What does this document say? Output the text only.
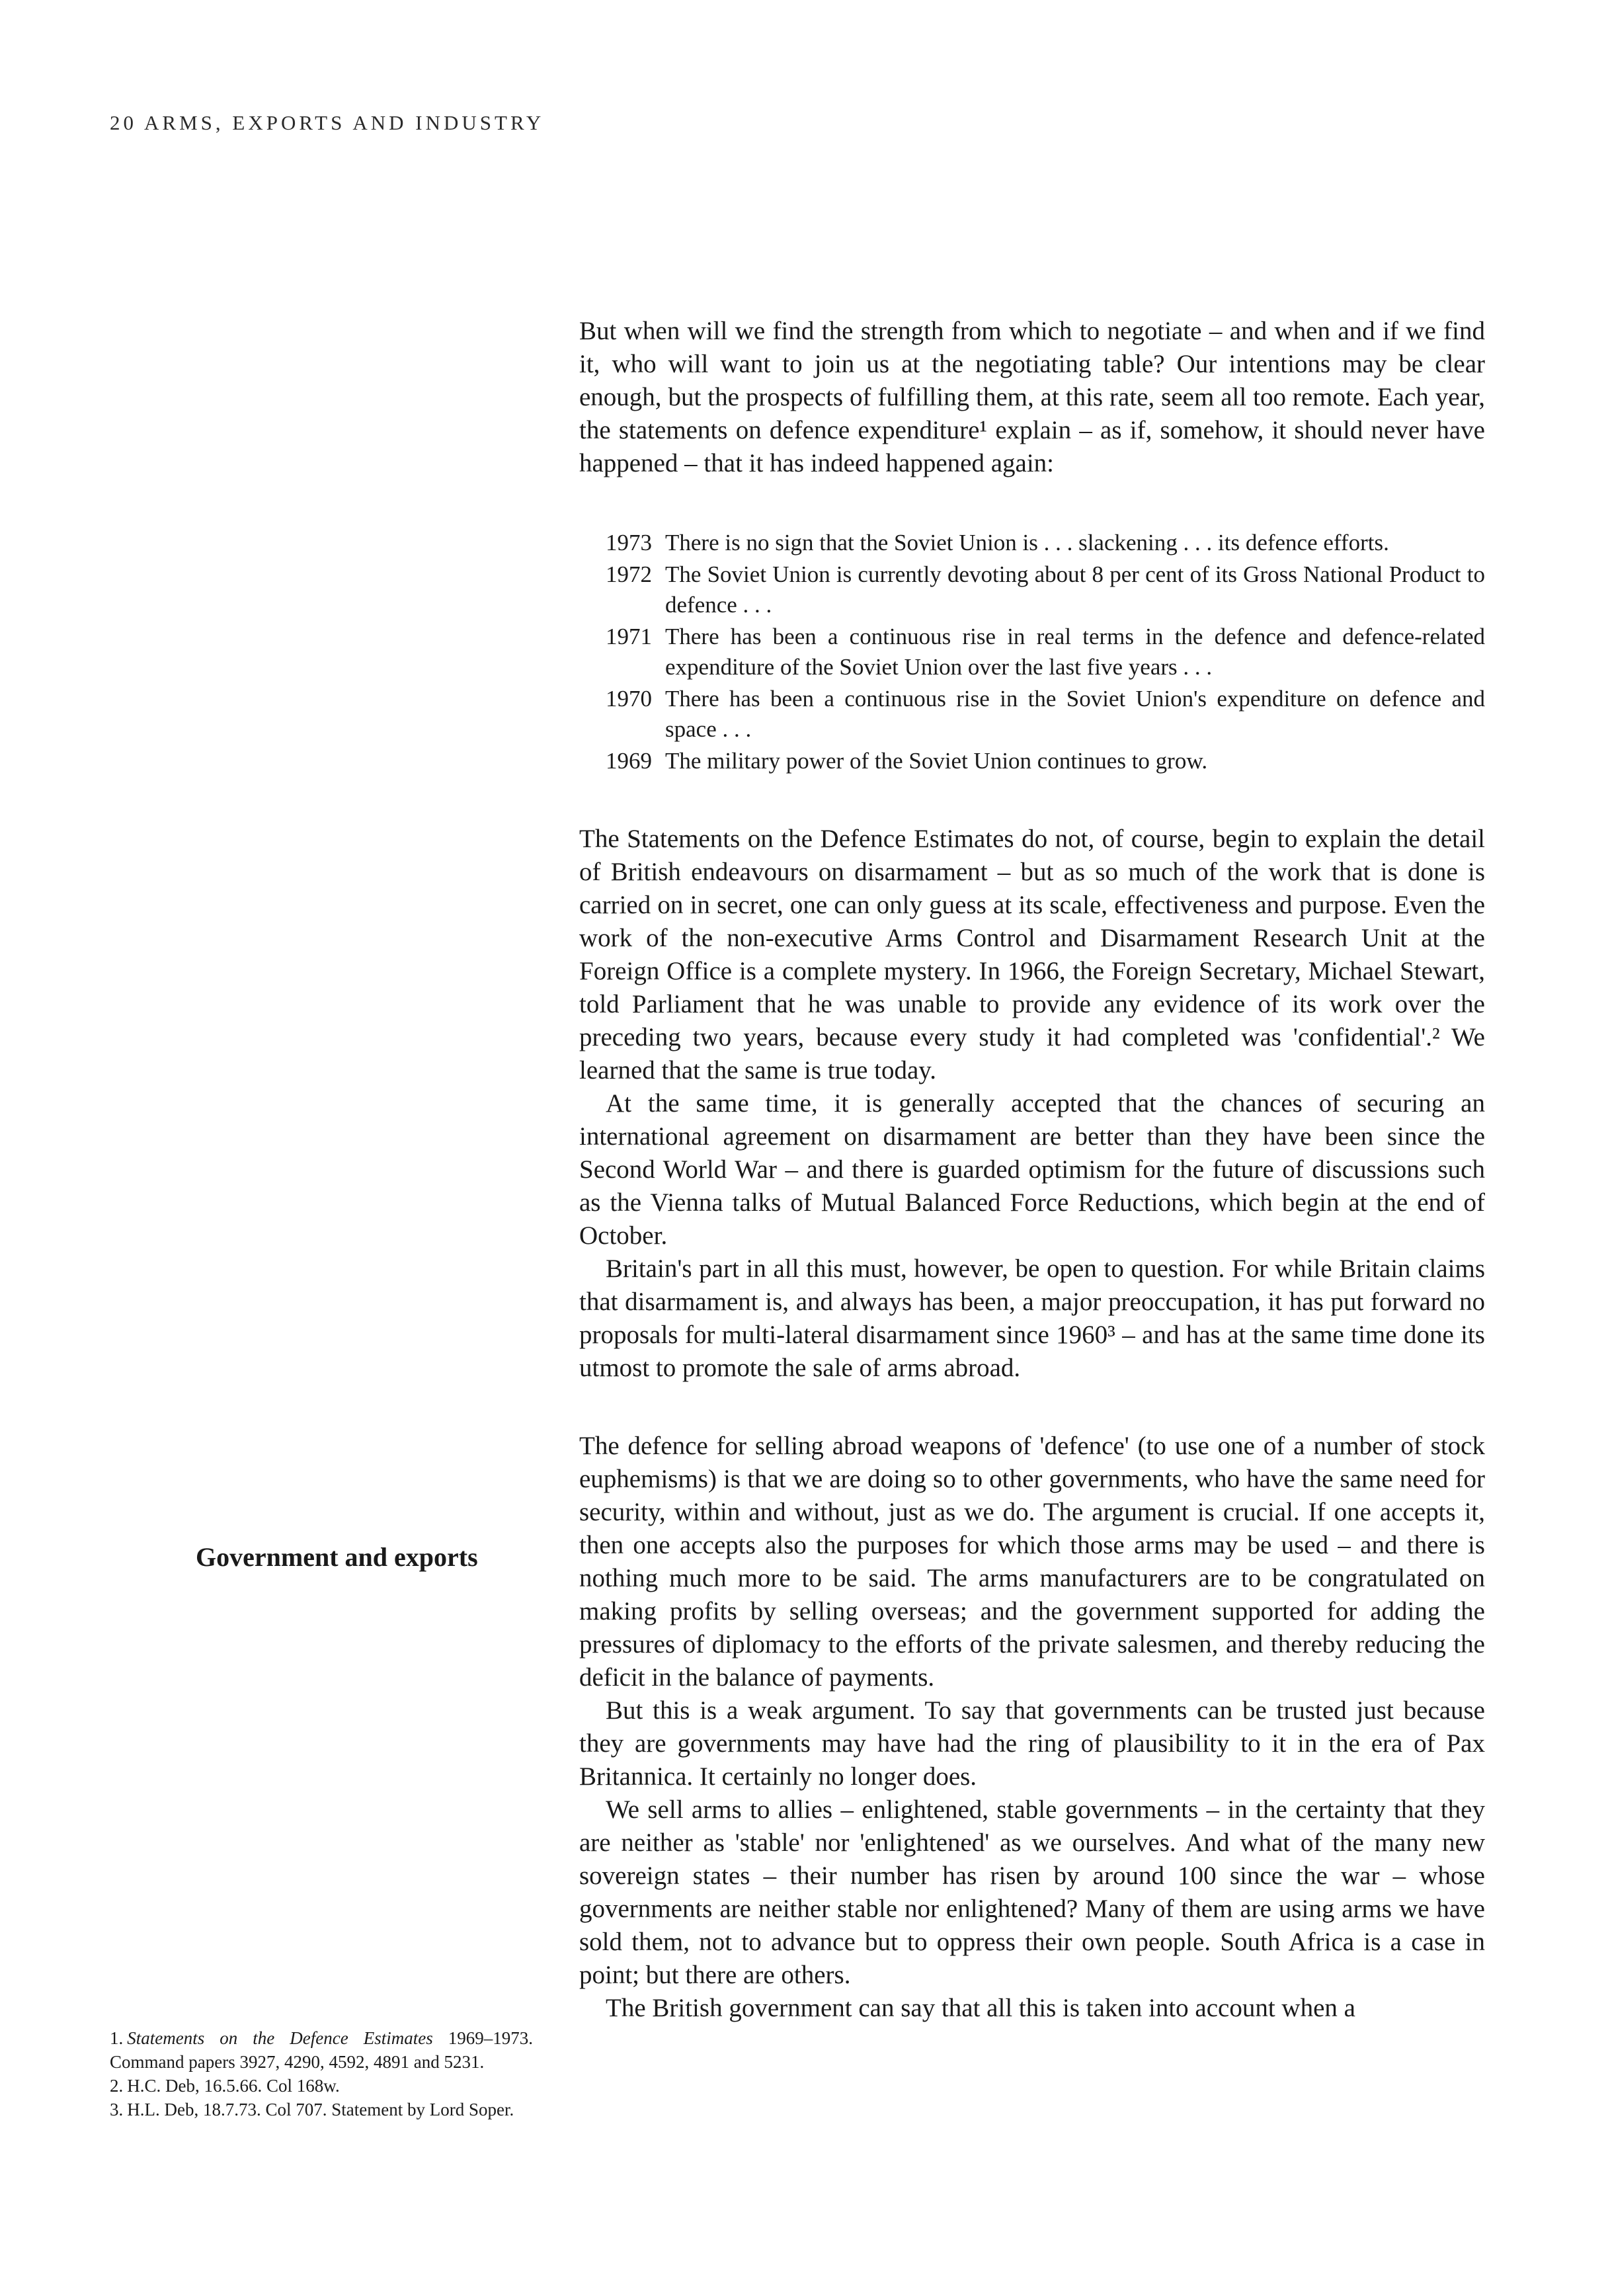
20 ARMS, EXPORTS AND INDUSTRY

But when will we find the strength from which to negotiate – and when and if we find it, who will want to join us at the negotiating table? Our intentions may be clear enough, but the prospects of fulfilling them, at this rate, seem all too remote. Each year, the statements on defence expenditure¹ explain – as if, somehow, it should never have happened – that it has indeed happened again:

1973 There is no sign that the Soviet Union is . . . slackening . . . its defence efforts.
1972 The Soviet Union is currently devoting about 8 per cent of its Gross National Product to defence . . .
1971 There has been a continuous rise in real terms in the defence and defence-related expenditure of the Soviet Union over the last five years . . .
1970 There has been a continuous rise in the Soviet Union's expenditure on defence and space . . .
1969 The military power of the Soviet Union continues to grow.

The Statements on the Defence Estimates do not, of course, begin to explain the detail of British endeavours on disarmament – but as so much of the work that is done is carried on in secret, one can only guess at its scale, effectiveness and purpose. Even the work of the non-executive Arms Control and Disarmament Research Unit at the Foreign Office is a complete mystery. In 1966, the Foreign Secretary, Michael Stewart, told Parliament that he was unable to provide any evidence of its work over the preceding two years, because every study it had completed was 'confidential'.² We learned that the same is true today.

At the same time, it is generally accepted that the chances of securing an international agreement on disarmament are better than they have been since the Second World War – and there is guarded optimism for the future of discussions such as the Vienna talks of Mutual Balanced Force Reductions, which begin at the end of October.

Britain's part in all this must, however, be open to question. For while Britain claims that disarmament is, and always has been, a major preoccupation, it has put forward no proposals for multi-lateral disarmament since 1960³ – and has at the same time done its utmost to promote the sale of arms abroad.

The defence for selling abroad weapons of 'defence' (to use one of a number of stock euphemisms) is that we are doing so to other governments, who have the same need for security, within and without, just as we do. The argument is crucial. If one accepts it, then one accepts also the purposes for which those arms may be used – and there is nothing much more to be said. The arms manufacturers are to be congratulated on making profits by selling overseas; and the government supported for adding the pressures of diplomacy to the efforts of the private salesmen, and thereby reducing the deficit in the balance of payments.

But this is a weak argument. To say that governments can be trusted just because they are governments may have had the ring of plausibility to it in the era of Pax Britannica. It certainly no longer does.

We sell arms to allies – enlightened, stable governments – in the certainty that they are neither as 'stable' nor 'enlightened' as we ourselves. And what of the many new sovereign states – their number has risen by around 100 since the war – whose governments are neither stable nor enlightened? Many of them are using arms we have sold them, not to advance but to oppress their own people. South Africa is a case in point; but there are others.

The British government can say that all this is taken into account when a

Government and exports
1. Statements on the Defence Estimates 1969–1973. Command papers 3927, 4290, 4592, 4891 and 5231.
2. H.C. Deb, 16.5.66. Col 168w.
3. H.L. Deb, 18.7.73. Col 707. Statement by Lord Soper.
